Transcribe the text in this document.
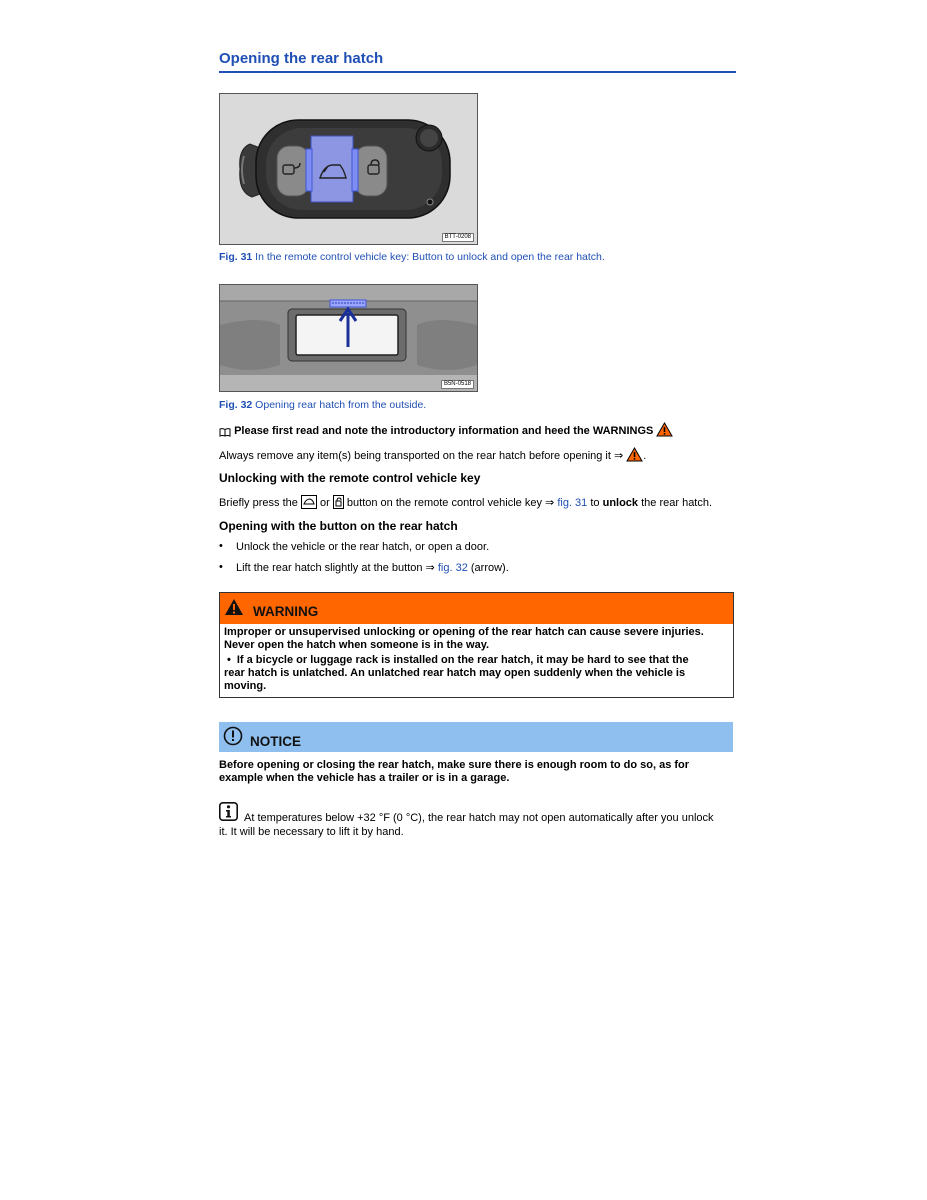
Opening the rear hatch
BTT-0208
Fig. 31 In the remote control vehicle key: Button to unlock and open the rear hatch.
B5N-0518
Fig. 32 Opening rear hatch from the outside.
Please first read and note the introductory information and heed the WARNINGS
Always remove any item(s) being transported on the rear hatch before opening it ⇒ .
Unlocking with the remote control vehicle key
Briefly press the or button on the remote control vehicle key ⇒ fig. 31 to unlock the rear hatch.
Opening with the button on the rear hatch
• Unlock the vehicle or the rear hatch, or open a door.
• Lift the rear hatch slightly at the button ⇒ fig. 32 (arrow).
WARNING
Improper or unsupervised unlocking or opening of the rear hatch can cause severe injuries.
Never open the hatch when someone is in the way.
• If a bicycle or luggage rack is installed on the rear hatch, it may be hard to see that the
rear hatch is unlatched. An unlatched rear hatch may open suddenly when the vehicle is
moving.
NOTICE
Before opening or closing the rear hatch, make sure there is enough room to do so, as for
example when the vehicle has a trailer or is in a garage.
At temperatures below +32 °F (0 °C), the rear hatch may not open automatically after you unlock
it. It will be necessary to lift it by hand.
